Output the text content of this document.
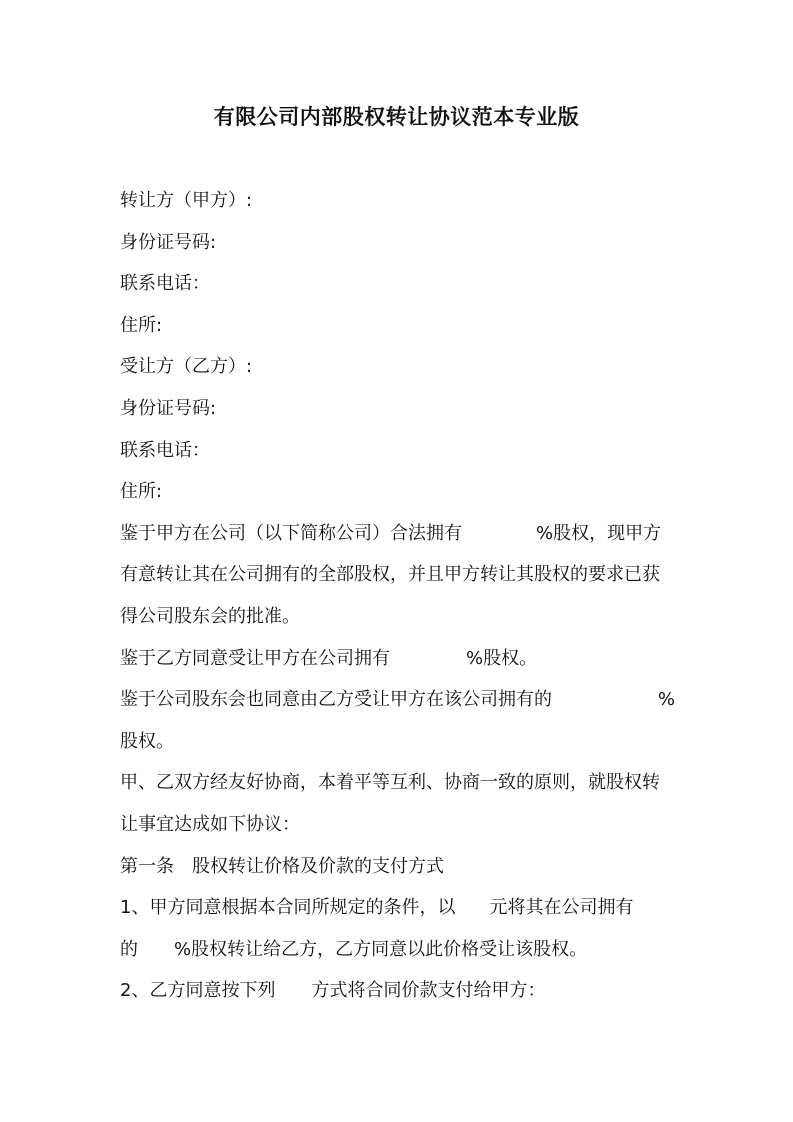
有限公司内部股权转让协议范本专业版
转让方（甲方）:
身份证号码:
联系电话：
住所:
受让方（乙方）:
身份证号码:
联系电话：
住所:
鉴于甲方在公司（以下简称公司）合法拥有	%股权，现甲方
有意转让其在公司拥有的全部股权，并且甲方转让其股权的要求已获
得公司股东会的批准。
鉴于乙方同意受让甲方在公司拥有	%股权。
鉴于公司股东会也同意由乙方受让甲方在该公司拥有的	%
股权。
甲、乙双方经友好协商，本着平等互利、协商一致的原则，就股权转
让事宜达成如下协议：
第一条　股权转让价格及价款的支付方式
1、甲方同意根据本合同所规定的条件，以 元将其在公司拥有
的 %股权转让给乙方，乙方同意以此价格受让该股权。
2、乙方同意按下列 方式将合同价款支付给甲方：
